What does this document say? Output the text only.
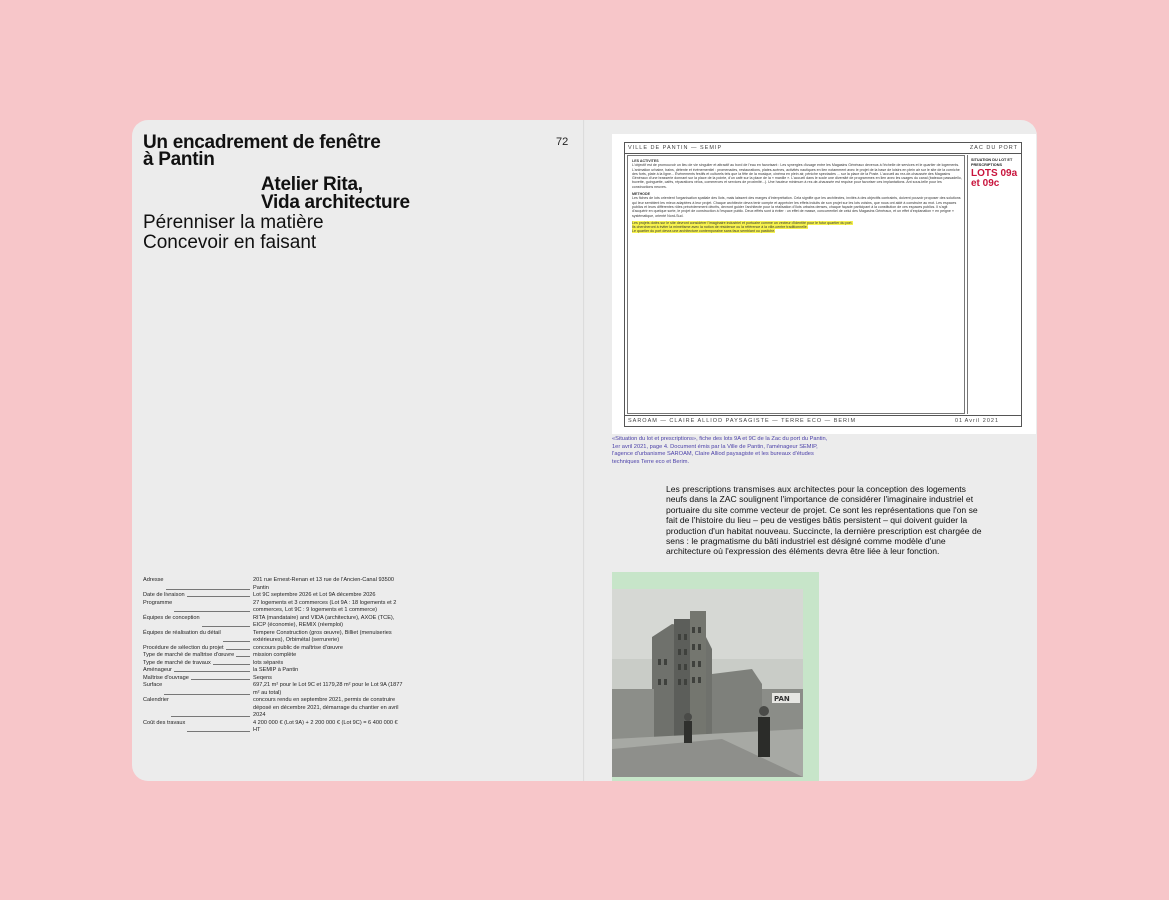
72
Un encadrement de fenêtre
à Pantin
Atelier Rita,
Vida architecture
Pérenniser la matière
Concevoir en faisant
Adresse	201 rue Ernest-Renan et 13 rue de l'Ancien-Canal 93500 Pantin
Date de livraison	Lot 9C septembre 2026 et Lot 9A décembre 2026
Programme	27 logements et 3 commerces (Lot 9A : 18 logements et 2 commerces, Lot 9C : 9 logements et 1 commerce)
Équipes de conception	RITA (mandataire) and VIDA (architecture), AXOE (TCE), EICP (économie), REMIX (réemploi)
Équipes de réalisation du détail	Tempere Construction (gros œuvre), Billiet (menuiseries extérieures), Orbimétal (serrurerie)
Procédure de sélection du projet	concours public de maîtrise d'œuvre
Type de marché de maîtrise d'œuvre	mission complète
Type de marché de travaux	lots séparés
Aménageur	la SEMIP à Pantin
Maîtrise d'ouvrage	Seqens
Surface	697,21 m² pour le Lot 9C et 1179,28 m² pour le Lot 9A (1877 m² au total)
Calendrier	concours rendu en septembre 2021, permis de construire déposé en décembre 2021, démarrage du chantier en avril 2024
Coût des travaux	4 200 000 € (Lot 9A) + 2 200 000 € (Lot 9C) = 6 400 000 € HT
VILLE DE PANTIN — SEMIP	ZAC DU PORT
LES ACTIVITES
L'objectif est de promouvoir un lieu de vie singulier et attractif au bord de l'eau en favorisant : Les synergies d'usage entre les Magasins Généraux devenus à l'échelle de services et le quartier de logements. L'animation urbaine, bains, détente et événementiel : promenades, restaurations, plates-scènes, activités nautiques en lien notamment avec le projet de la base de loisirs en plein air sur le site de la corniche des forts, plate à la ligne... Événements festifs et culturels tels que la fête de la musique, cinéma en plein air, péniche spectacles ... sur la place de la Poste. L'accueil au rez-de-chaussée des Magasins Généraux d'une brasserie donnant sur la place de la pointe, d'un café sur la place de la « manille ». L'accueil dans le socle une diversité de programmes en lien avec les usages du canal (bateaux passadello, buvette, guinguette, cafés, réparations vélos, commerces et services de proximité...). Une hauteur minimum à rez-de-chaussée est requise pour favoriser ces implantations. Ant sous-telle pour les constructions neuves.
METHODE
Les fiches de lots orientent l'organisation spatiale des îlots, mais laissent des marges d'interprétation. Cela signifie que les architectes, invités à des objectifs contraints, doivent pouvoir proposer des solutions qui leur semblent les mieux adaptées à leur projet. Chaque architecte devra tenir compte et apprécier les effets induits de son projet sur les lots voisins, que nous ont aidé à construire au mot. Les espaces publics et leurs différentes rôles précédemment décrits, devront guider l'architecte pour la réalisation d'îlots urbains denses, chaque façade participant à la constitution de ces espaces publics. Il s'agit d'acquérir en quelque sorte, le projet de construction à l'espace public. Deux effets sont à éviter : un effet de masse, concurrentiel de celui des Magasins Généraux, et un effet d'explanation « en peigne » systématique, orienté Nord-Sud.
Les projets dotés sur le site devront considérer l'imaginaire industriel et portuaire comme un vecteur d'identité pour le futur quartier du port.
Ils chercheront à éviter la mimétisme avec la notion de résidence ou la référence à la ville-centre traditionnelle.
Le quartier du port devra une architecture contemporaine sans faux semblant ou pastiche.
SITUATION DU LOT ET PRESCRIPTIONS
LOTS 09a et 09c
SAROAM — CLAIRE ALLIOD PAYSAGISTE — TERRE ECO — BERIM	01 Avril 2021
«Situation du lot et prescriptions», fiche des lots 9A et 9C de la Zac du port du Pantin, 1er avril 2021, page 4. Document émis par la Ville de Pantin, l'aménageur SEMIP, l'agence d'urbanisme SAROAM, Claire Alliod paysagiste et les bureaux d'études techniques Terre eco et Berim.
Les prescriptions transmises aux architectes pour la conception des logements neufs dans la ZAC soulignent l'importance de considérer l'imaginaire industriel et portuaire du site comme vecteur de projet. Ce sont les représentations que l'on se fait de l'histoire du lieu – peu de vestiges bâtis persistent – qui doivent guider la production d'un habitat nouveau. Succincte, la dernière prescription est chargée de sens : le pragmatisme du bâti industriel est désigné comme modèle d'une architecture où l'expression des éléments devra être liée à leur fonction.
PAN
